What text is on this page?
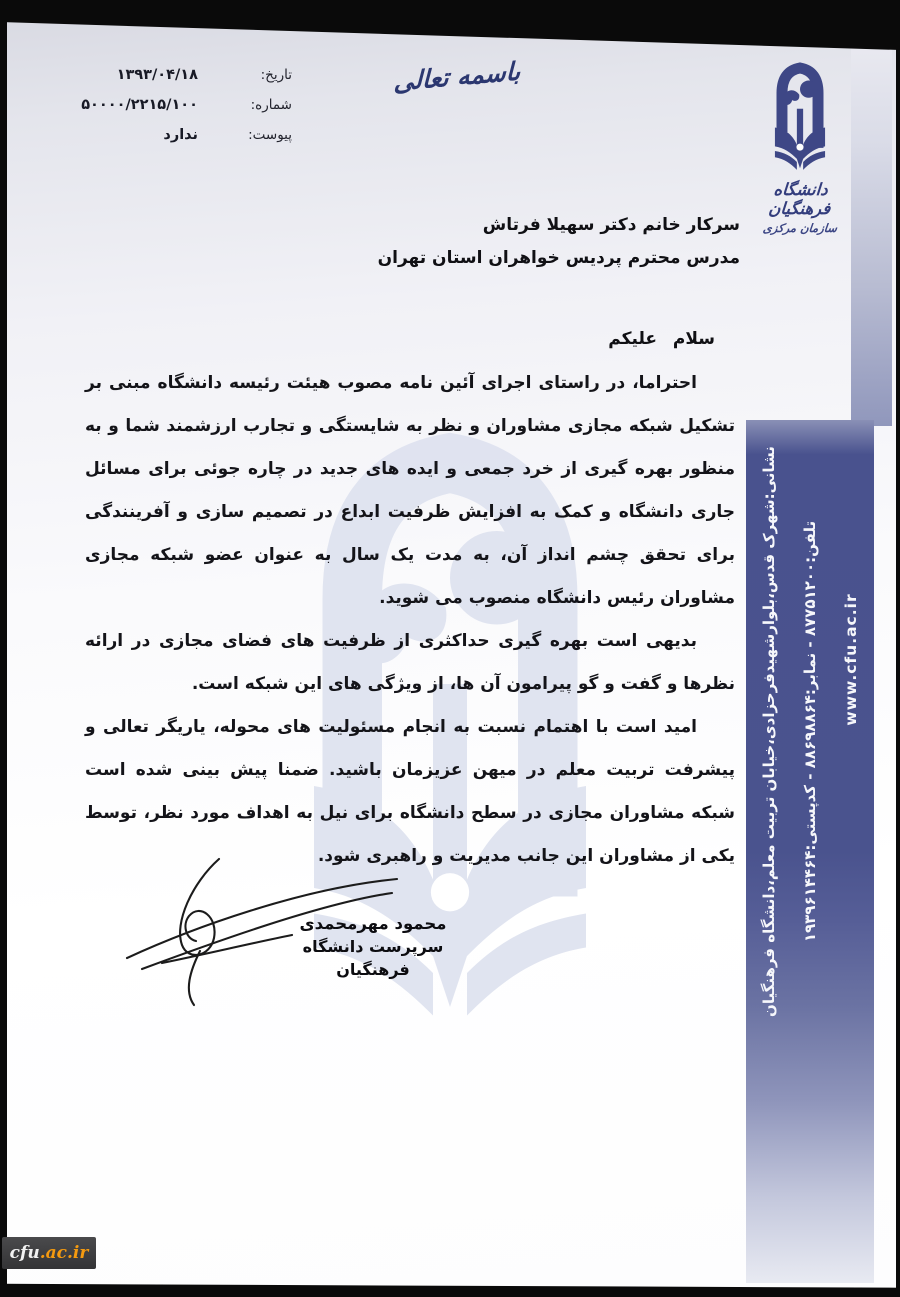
نشانی:شهرک قدس،بلوارشهیدفرحزادی،خیابان تربیت معلم،دانشگاه فرهنگیان	تلفن:۸۷۷۵۱۲۰۰ - نمابر:۸۸۶۹۸۸۶۴ - کدپستی:۱۹۳۹۶۱۴۴۶۴
www.cfu.ac.ir
تاریخ:
۱۳۹۳/۰۴/۱۸
شماره:
۵۰۰۰۰/۲۲۱۵/۱۰۰
پیوست:
ندارد
باسمه تعالی
دانشگاه فرهنگیان
سازمان مرکزی
سرکار خانم دکتر سهیلا فرتاش
مدرس محترم پردیس خواهران استان تهران
سلام علیکم

احتراما، در راستای اجرای آئین نامه مصوب هیئت رئیسه دانشگاه مبنی بر تشکیل شبکه مجازی مشاوران و نظر به شایستگی و تجارب ارزشمند شما و به منظور بهره گیری از خرد جمعی و ایده های جدید در چاره جوئی برای مسائل جاری دانشگاه و کمک به افزایش ظرفیت ابداع در تصمیم سازی و آفرینندگی برای تحقق چشم انداز آن، به مدت یک سال به عنوان عضو شبکه مجازی مشاوران رئیس دانشگاه منصوب می شوید.

بدیهی است بهره گیری حداکثری از ظرفیت های فضای مجازی در ارائه نظرها و گفت و گو پیرامون آن ها، از ویژگی های این شبکه است.

امید است با اهتمام نسبت به انجام مسئولیت های محوله، یاریگر تعالی و پیشرفت تربیت معلم در میهن عزیزمان باشید. ضمنا پیش بینی شده است شبکه مشاوران مجازی در سطح دانشگاه برای نیل به اهداف مورد نظر، توسط یکی از مشاوران این جانب مدیریت و راهبری شود.

محمود مهرمحمدی
سرپرست دانشگاه فرهنگیان
cfu .ac.ir
